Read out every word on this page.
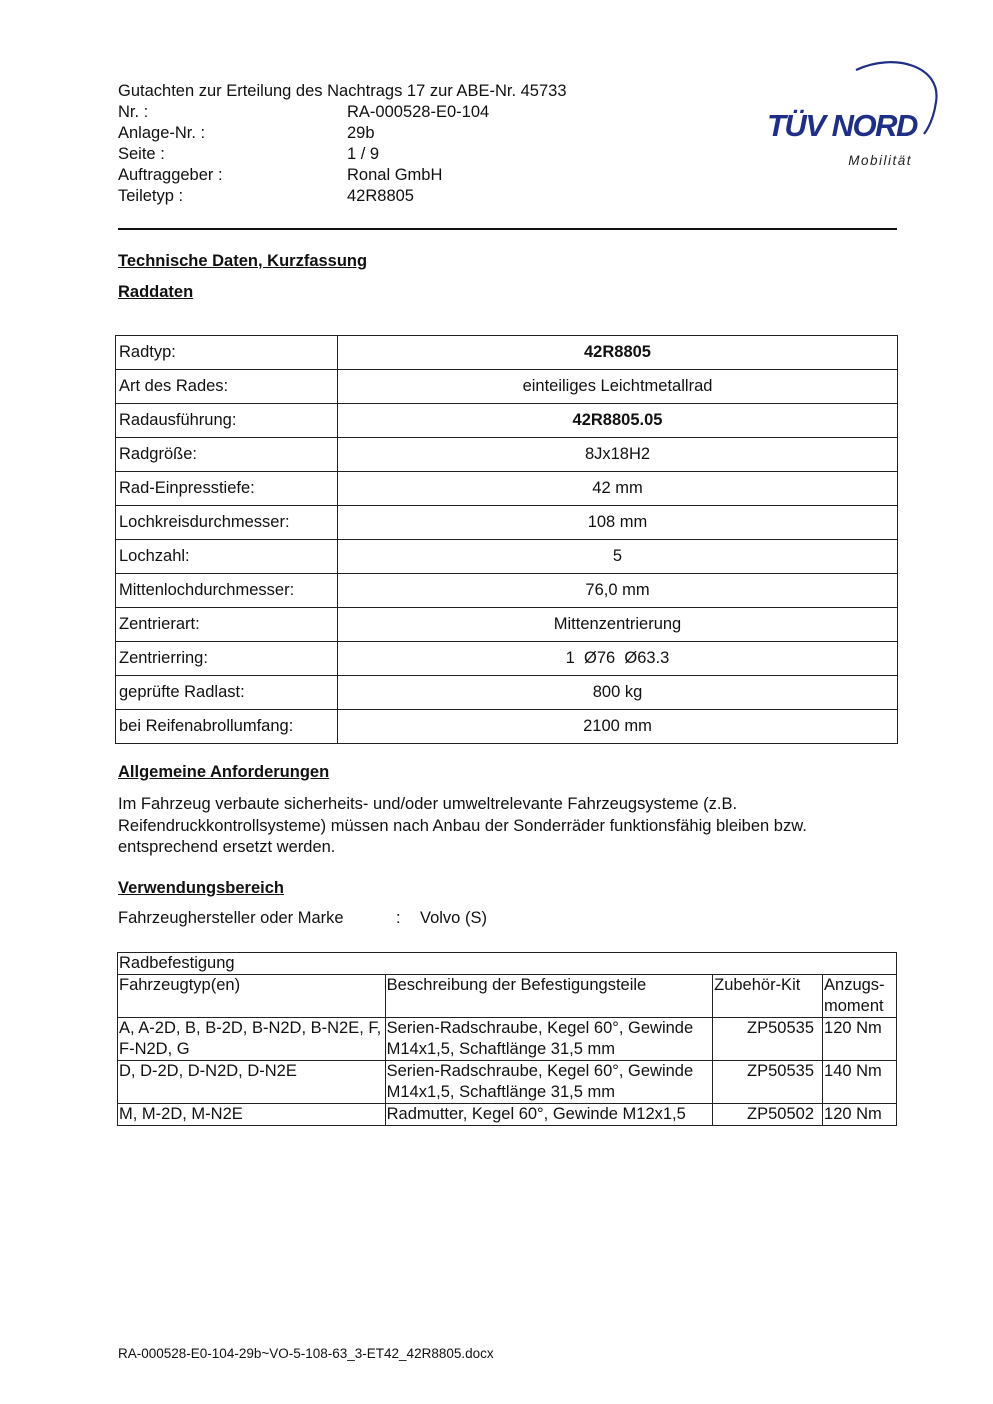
Gutachten zur Erteilung des Nachtrags 17 zur ABE-Nr. 45733
Nr. :	RA-000528-E0-104
Anlage-Nr. :	29b
Seite :	1 / 9
Auftraggeber :	Ronal GmbH
Teiletyp :	42R8805
TÜV NORD
Mobilität
Technische Daten, Kurzfassung
Raddaten
Radtyp:	42R8805
Art des Rades:	einteiliges Leichtmetallrad
Radausführung:	42R8805.05
Radgröße:	8Jx18H2
Rad-Einpresstiefe:	42 mm
Lochkreisdurchmesser:	108 mm
Lochzahl:	5
Mittenlochdurchmesser:	76,0 mm
Zentrierart:	Mittenzentrierung
Zentrierring:	1  Ø76  Ø63.3
geprüfte Radlast:	800 kg
bei Reifenabrollumfang:	2100 mm
Allgemeine Anforderungen
Im Fahrzeug verbaute sicherheits- und/oder umweltrelevante Fahrzeugsysteme (z.B. Reifendruckkontrollsysteme) müssen nach Anbau der Sonderräder funktionsfähig bleiben bzw. entsprechend ersetzt werden.
Verwendungsbereich
Fahrzeughersteller oder Marke	:	Volvo (S)
Radbefestigung			
Fahrzeugtyp(en)	Beschreibung der Befestigungsteile	Zubehör-Kit	Anzugs-moment
A, A-2D, B, B-2D, B-N2D, B-N2E, F, F-N2D, G	Serien-Radschraube, Kegel 60°, Gewinde M14x1,5, Schaftlänge 31,5 mm	ZP50535	120 Nm
D, D-2D, D-N2D, D-N2E	Serien-Radschraube, Kegel 60°, Gewinde M14x1,5, Schaftlänge 31,5 mm	ZP50535	140 Nm
M, M-2D, M-N2E	Radmutter, Kegel 60°, Gewinde M12x1,5	ZP50502	120 Nm
RA-000528-E0-104-29b~VO-5-108-63_3-ET42_42R8805.docx
